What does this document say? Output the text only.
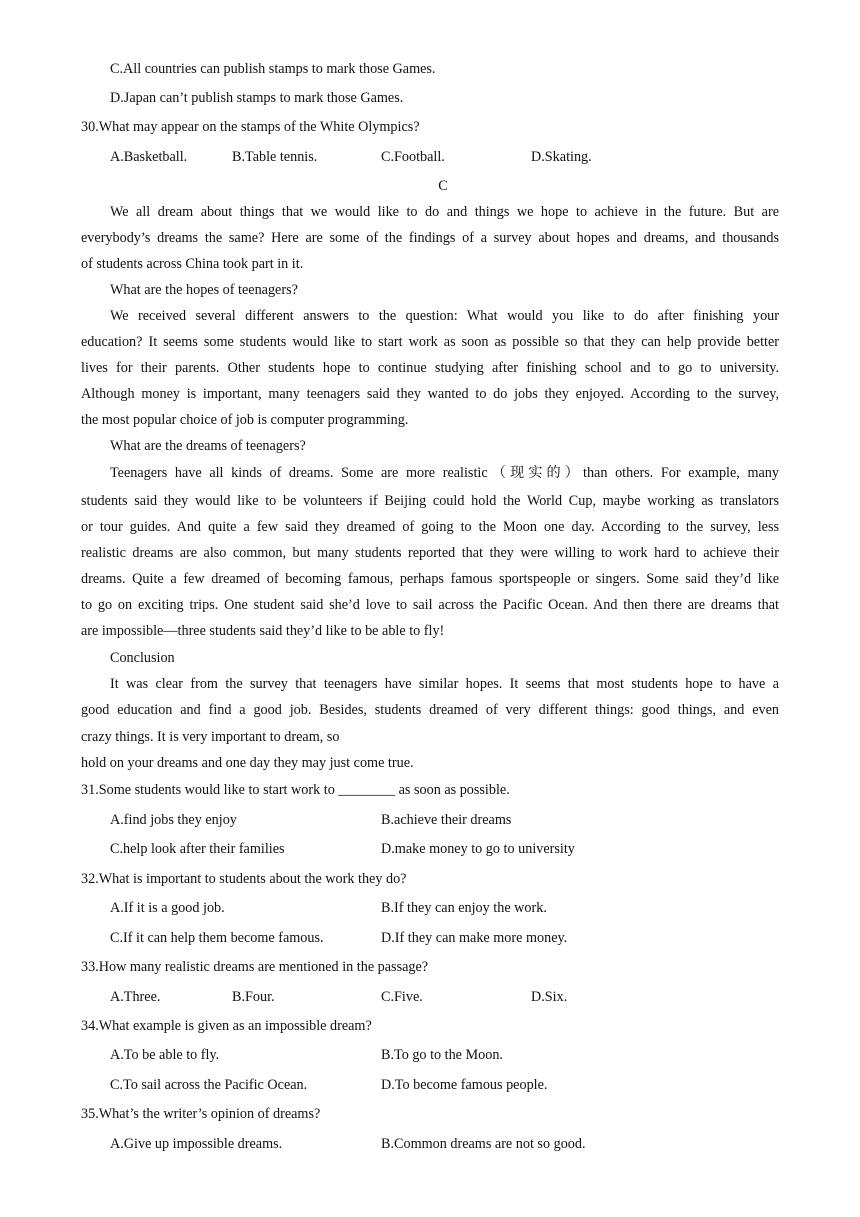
C.All countries can publish stamps to mark those Games.
D.Japan can’t publish stamps to mark those Games.
30.What may appear on the stamps of the White Olympics?
A.Basketball.	B.Table tennis.	C.Football.	D.Skating.
C
We all dream about things that we would like to do and things we hope to achieve in the future. But are
everybody’s dreams the same? Here are some of the findings of a survey about hopes and dreams, and thousands
of students across China took part in it.
What are the hopes of teenagers?
We received several different answers to the question: What would you like to do after finishing your
education? It seems some students would like to start work as soon as possible so that they can help provide better
lives for their parents. Other students hope to continue studying after finishing school and to go to university.
Although money is important, many teenagers said they wanted to do jobs they enjoyed. According to the survey,
the most popular choice of job is computer programming.
What are the dreams of teenagers?
Teenagers have all kinds of dreams. Some are more realistic（现实的）than others. For example, many
students said they would like to be volunteers if Beijing could hold the World Cup, maybe working as translators
or tour guides. And quite a few said they dreamed of going to the Moon one day. According to the survey, less
realistic dreams are also common, but many students reported that they were willing to work hard to achieve their
dreams. Quite a few dreamed of becoming famous, perhaps famous sportspeople or singers. Some said they’d like
to go on exciting trips. One student said she’d love to sail across the Pacific Ocean. And then there are dreams that
are impossible—three students said they’d like to be able to fly!
Conclusion
It was clear from the survey that teenagers have similar hopes. It seems that most students hope to have a
good education and find a good job. Besides, students dreamed of very different things: good things, and even
crazy things. It is very important to dream, so
hold on your dreams and one day they may just come true.
31.Some students would like to start work to ________ as soon as possible.
A.find jobs they enjoy	B.achieve their dreams
C.help look after their families	D.make money to go to university
32.What is important to students about the work they do?
A.If it is a good job.	B.If they can enjoy the work.
C.If it can help them become famous.	D.If they can make more money.
33.How many realistic dreams are mentioned in the passage?
A.Three.	B.Four.	C.Five.	D.Six.
34.What example is given as an impossible dream?
A.To be able to fly.	B.To go to the Moon.
C.To sail across the Pacific Ocean.	D.To become famous people.
35.What’s the writer’s opinion of dreams?
A.Give up impossible dreams.	B.Common dreams are not so good.
